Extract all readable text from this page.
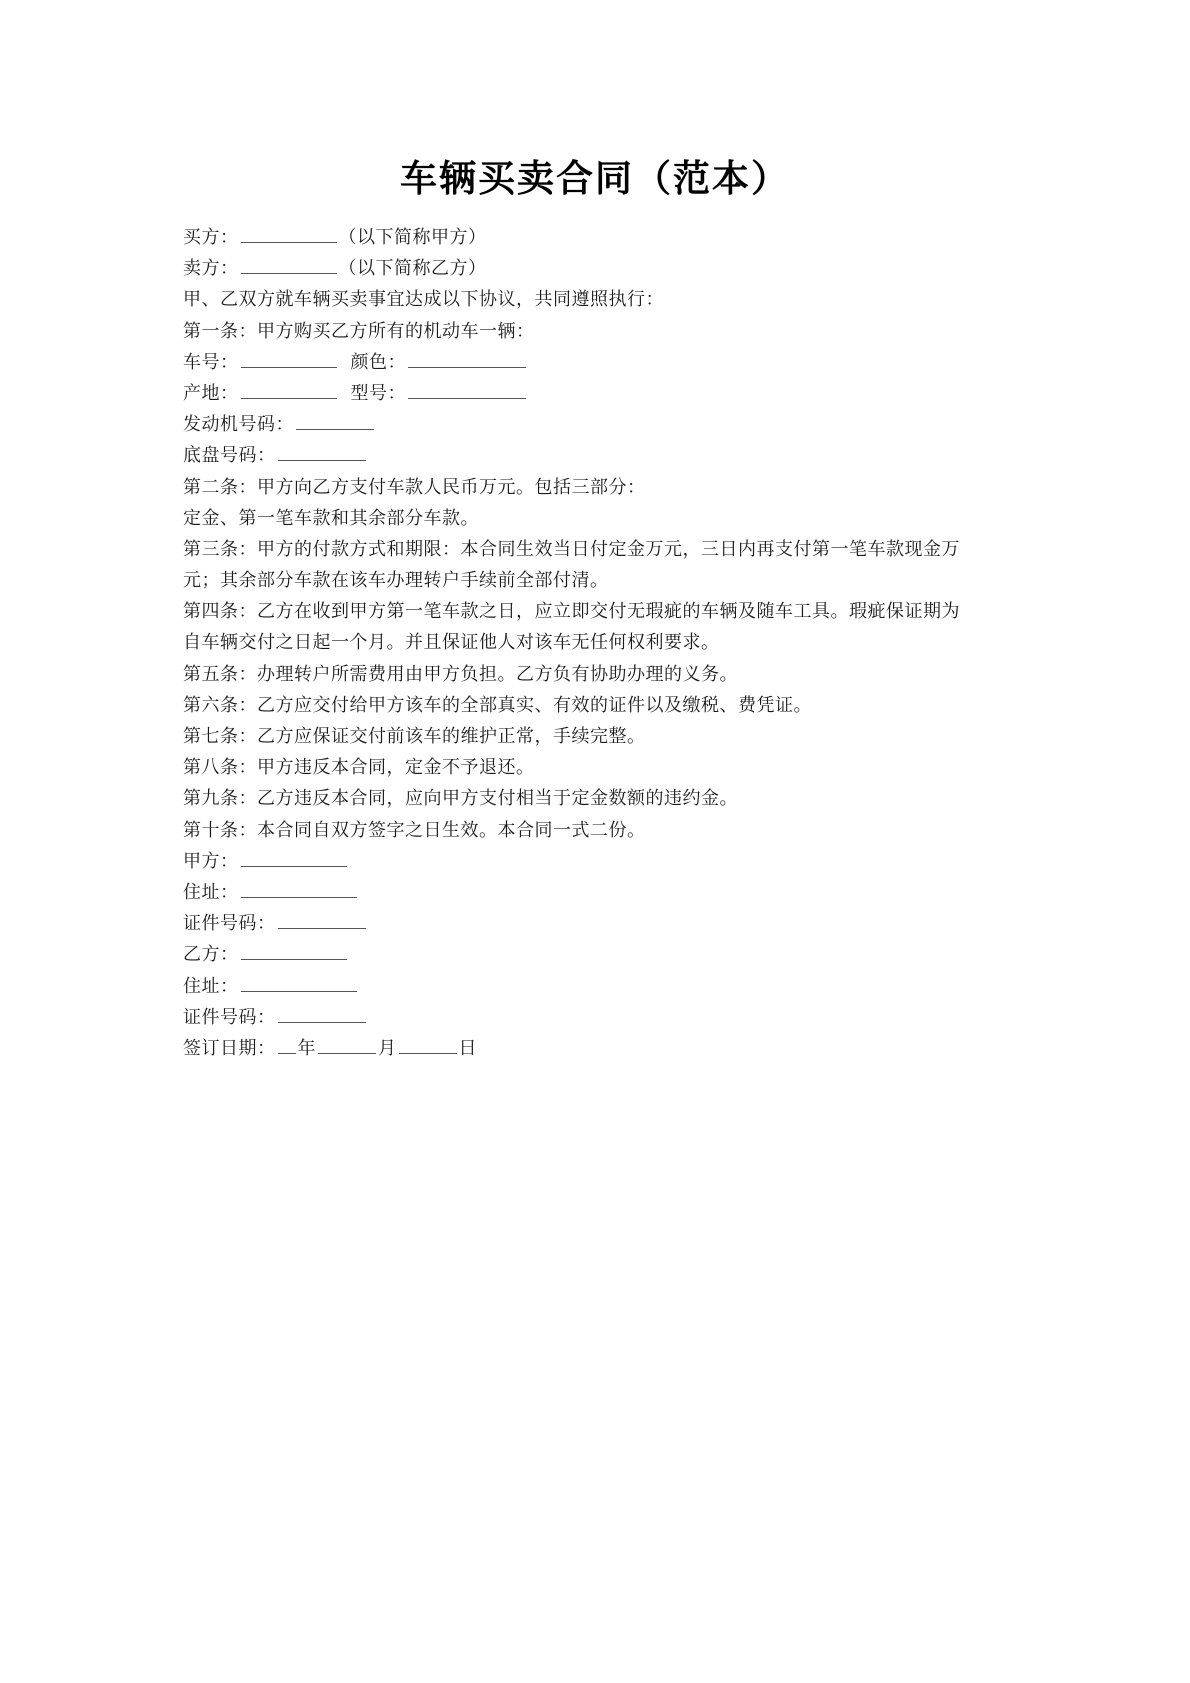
车辆买卖合同（范本）
买方：	（以下简称甲方）
卖方：	（以下简称乙方）
甲、乙双方就车辆买卖事宜达成以下协议，共同遵照执行：
第一条：甲方购买乙方所有的机动车一辆：
车号：	颜色：
产地：	型号：
发动机号码：
底盘号码：
第二条：甲方向乙方支付车款人民币万元。包括三部分：
定金、第一笔车款和其余部分车款。
第三条：甲方的付款方式和期限：本合同生效当日付定金万元，三日内再支付第一笔车款现金万元；其余部分车款在该车办理转户手续前全部付清。
第四条：乙方在收到甲方第一笔车款之日，应立即交付无瑕疵的车辆及随车工具。瑕疵保证期为自车辆交付之日起一个月。并且保证他人对该车无任何权利要求。
第五条：办理转户所需费用由甲方负担。乙方负有协助办理的义务。
第六条：乙方应交付给甲方该车的全部真实、有效的证件以及缴税、费凭证。
第七条：乙方应保证交付前该车的维护正常，手续完整。
第八条：甲方违反本合同，定金不予退还。
第九条：乙方违反本合同，应向甲方支付相当于定金数额的违约金。
第十条：本合同自双方签字之日生效。本合同一式二份。
甲方：
住址：
证件号码：
乙方：
住址：
证件号码：
签订日期： 年	月	日
